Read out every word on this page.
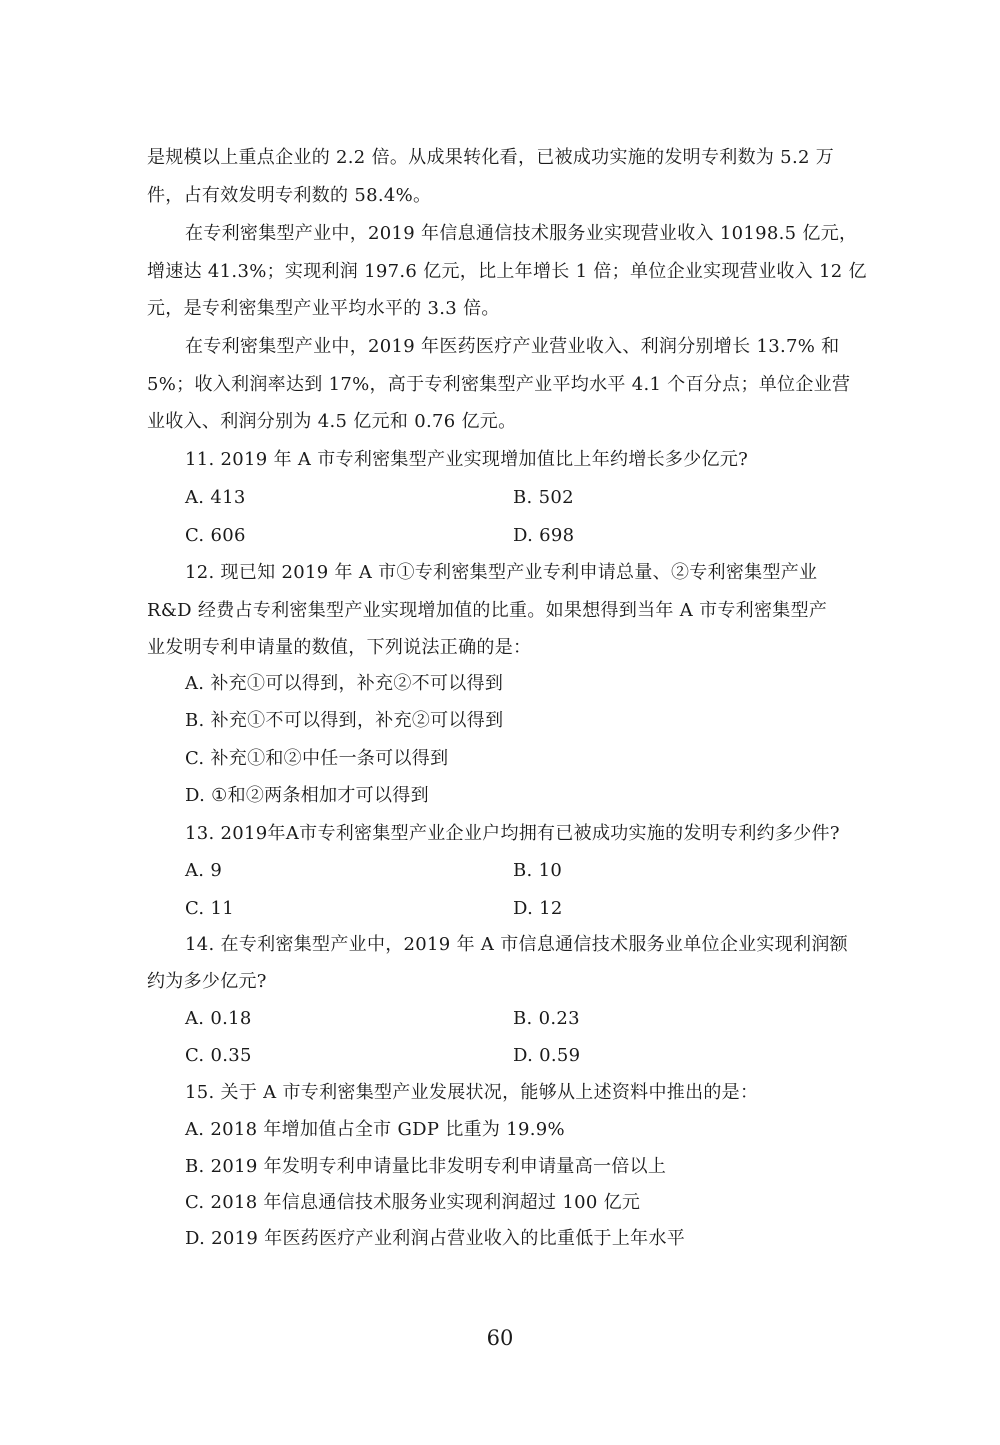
是规模以上重点企业的 2.2 倍。从成果转化看，已被成功实施的发明专利数为 5.2 万
件，占有效发明专利数的 58.4%。
在专利密集型产业中，2019 年信息通信技术服务业实现营业收入 10198.5 亿元，
增速达 41.3%；实现利润 197.6 亿元，比上年增长 1 倍；单位企业实现营业收入 12 亿
元，是专利密集型产业平均水平的 3.3 倍。
在专利密集型产业中，2019 年医药医疗产业营业收入、利润分别增长 13.7% 和
5%；收入利润率达到 17%，高于专利密集型产业平均水平 4.1 个百分点；单位企业营
业收入、利润分别为 4.5 亿元和 0.76 亿元。
11. 2019 年 A 市专利密集型产业实现增加值比上年约增长多少亿元?
A. 413	B. 502
C. 606	D. 698
12. 现已知 2019 年 A 市①专利密集型产业专利申请总量、②专利密集型产业
R&D 经费占专利密集型产业实现增加值的比重。如果想得到当年 A 市专利密集型产
业发明专利申请量的数值，下列说法正确的是：
A. 补充①可以得到，补充②不可以得到
B. 补充①不可以得到，补充②可以得到
C. 补充①和②中任一条可以得到
D. ①和②两条相加才可以得到
13. 2019年A市专利密集型产业企业户均拥有已被成功实施的发明专利约多少件?
A. 9	B. 10
C. 11	D. 12
14. 在专利密集型产业中，2019 年 A 市信息通信技术服务业单位企业实现利润额
约为多少亿元?
A. 0.18	B. 0.23
C. 0.35	D. 0.59
15. 关于 A 市专利密集型产业发展状况，能够从上述资料中推出的是：
A. 2018 年增加值占全市 GDP 比重为 19.9%
B. 2019 年发明专利申请量比非发明专利申请量高一倍以上
C. 2018 年信息通信技术服务业实现利润超过 100 亿元
D. 2019 年医药医疗产业利润占营业收入的比重低于上年水平
60
